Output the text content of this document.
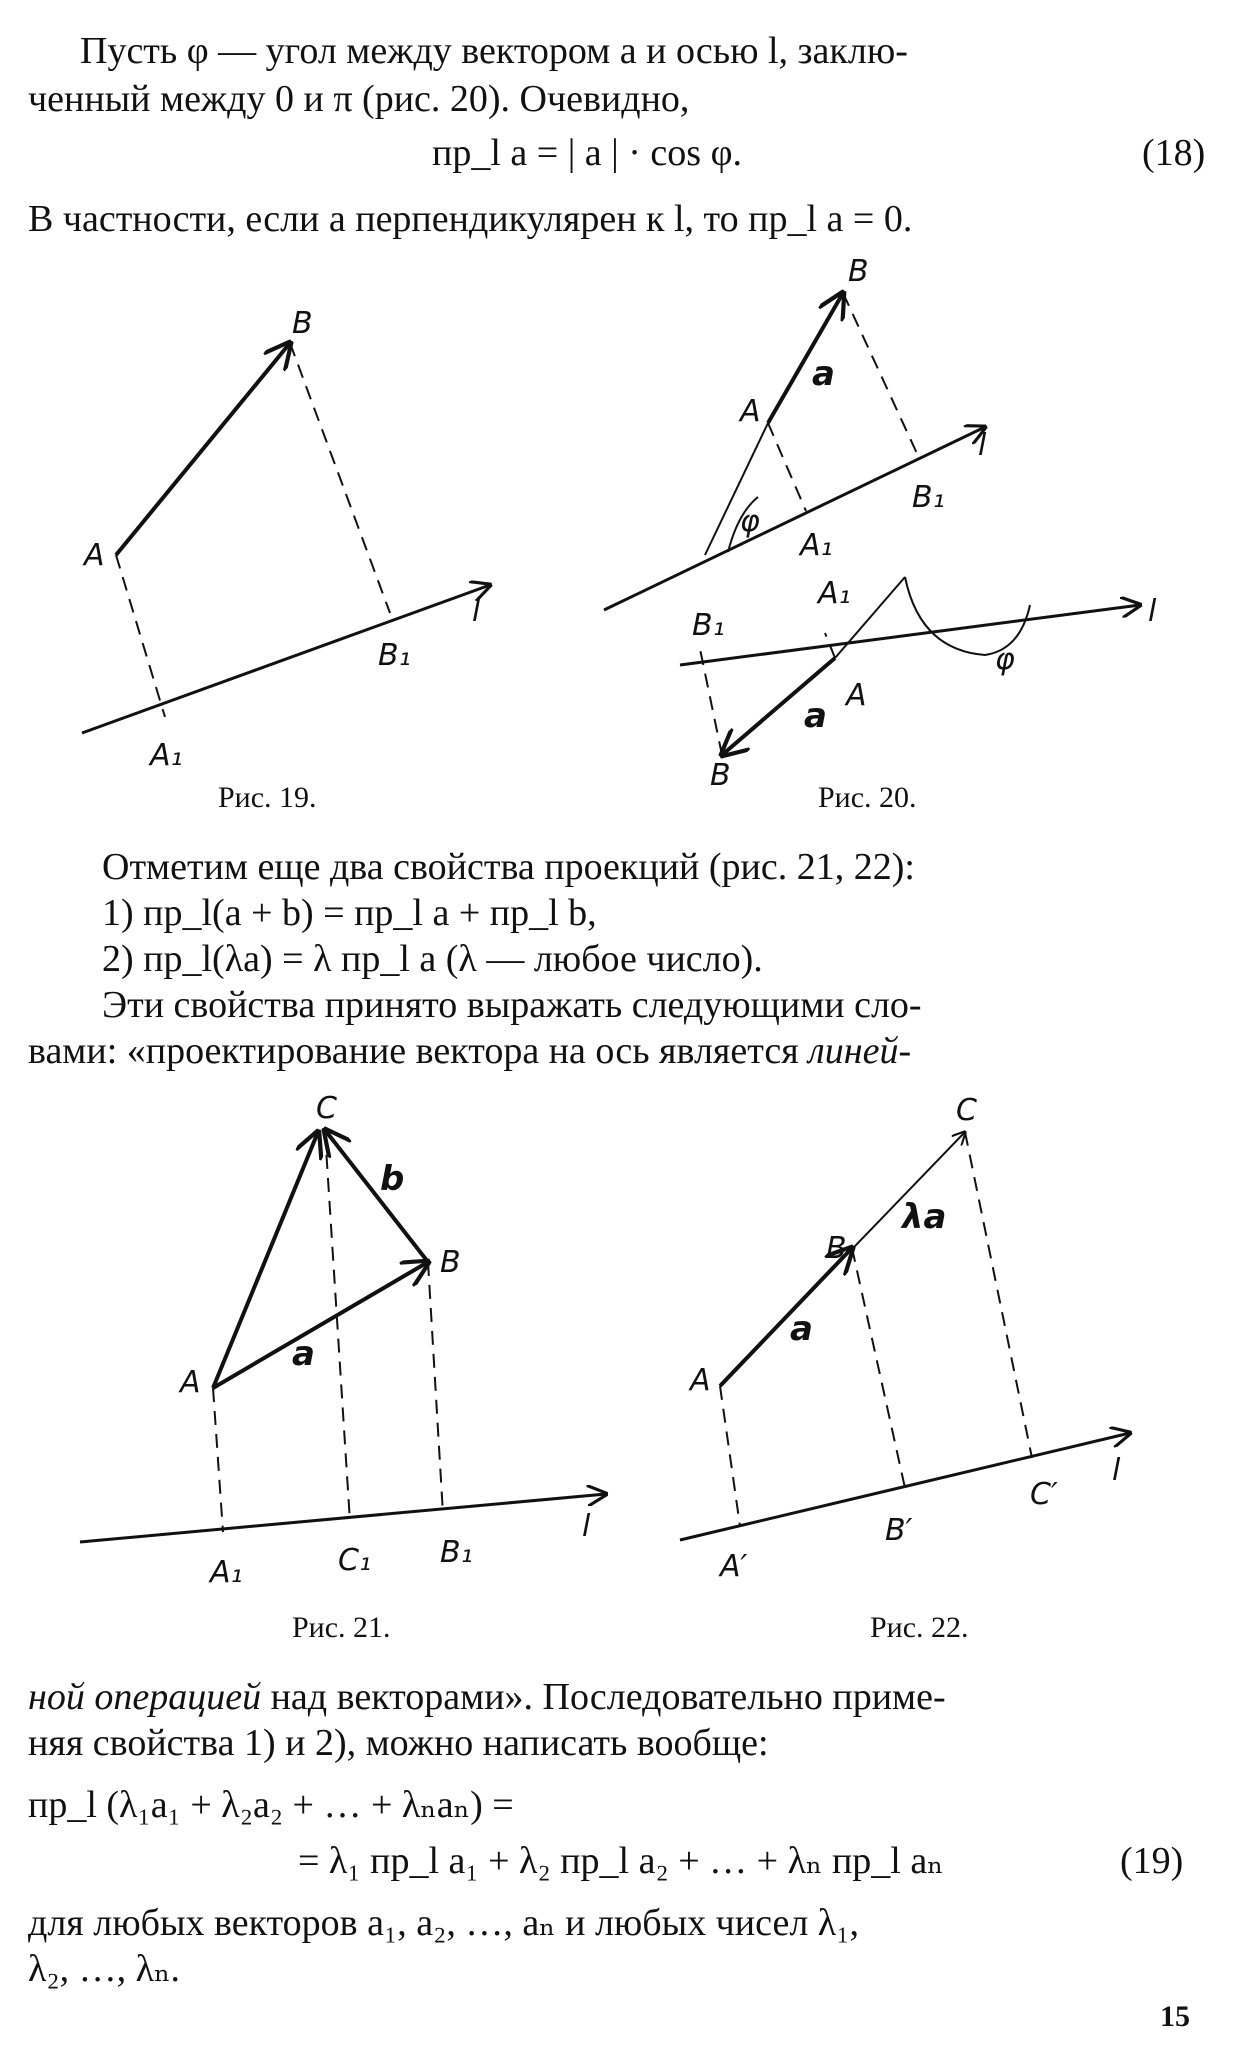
Пусть φ — угол между вектором a и осью l, заклю-
ченный между 0 и π (рис. 20). Очевидно,
пр_l a = | a | · cos φ.	(18)
В частности, если a перпендикулярен к l, то пр_l a = 0.
A
B
A₁
B₁
l
Рис. 19.
B
a
A
φ
A₁
B₁
l
A₁
B₁
A
a
B
φ
l
Рис. 20.
Отметим еще два свойства проекций (рис. 21, 22):
1) пр_l(a + b) = пр_l a + пр_l b,
2) пр_l(λa) = λ пр_l a (λ — любое число).
Эти свойства принято выражать следующими сло-
вами: «проектирование вектора на ось является линей-
C
b
B
a
A
A₁	C₁ B₁
l
Рис. 21.
C
λa
B
a
A
A′
B′
C′
l
Рис. 22.
ной операцией над векторами». Последовательно приме-
няя свойства 1) и 2), можно написать вообще:
пр_l (λ₁a₁ + λ₂a₂ + … + λₙaₙ) =
= λ₁ пр_l a₁ + λ₂ пр_l a₂ + … + λₙ пр_l aₙ	(19)
для любых векторов a₁, a₂, …, aₙ и любых чисел λ₁,
λ₂, …, λₙ.
15
